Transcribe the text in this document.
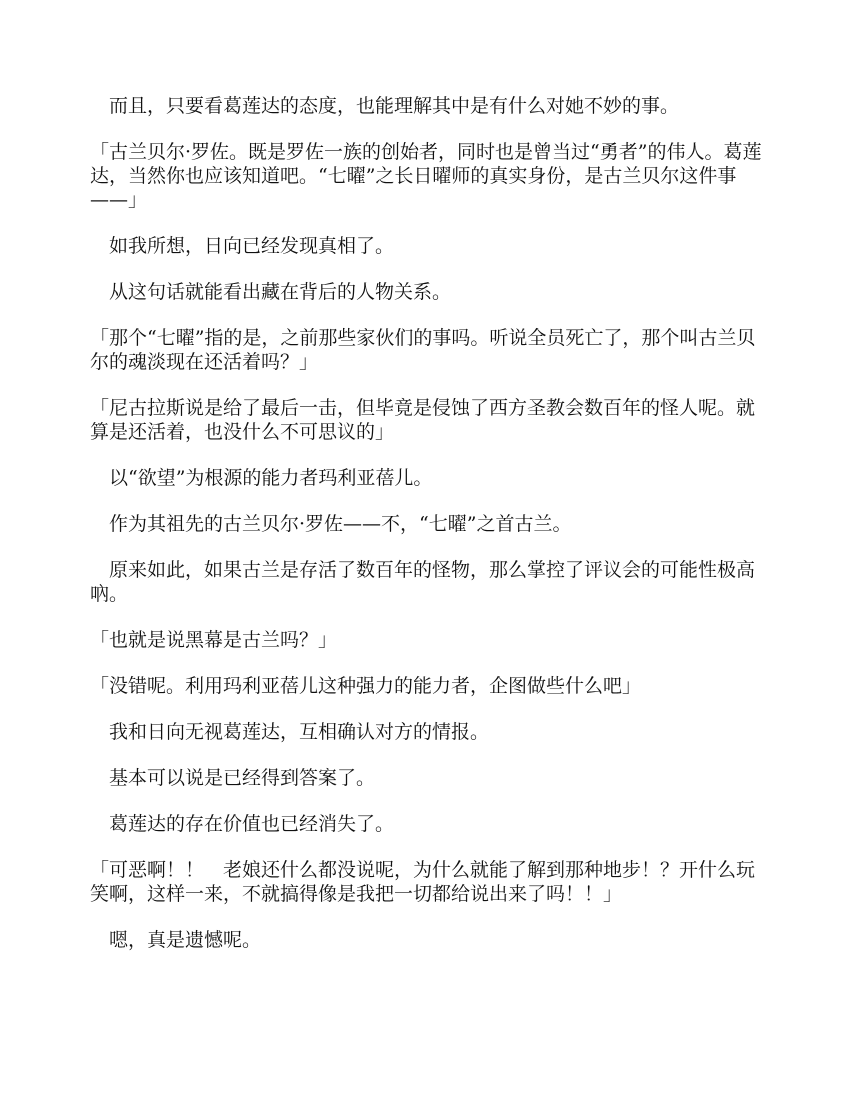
　而且，只要看葛莲达的态度，也能理解其中是有什么对她不妙的事。

「古兰贝尔·罗佐。既是罗佐一族的创始者，同时也是曾当过“勇者”的伟人。葛莲达，当然你也应该知道吧。“七曜”之长日曜师的真实身份，是古兰贝尔这件事——」

　如我所想，日向已经发现真相了。

　从这句话就能看出藏在背后的人物关系。

「那个“七曜”指的是，之前那些家伙们的事吗。听说全员死亡了，那个叫古兰贝尔的魂淡现在还活着吗？」

「尼古拉斯说是给了最后一击，但毕竟是侵蚀了西方圣教会数百年的怪人呢。就算是还活着，也没什么不可思议的」

　以“欲望”为根源的能力者玛利亚蓓儿。

　作为其祖先的古兰贝尔·罗佐——不，“七曜”之首古兰。

　原来如此，如果古兰是存活了数百年的怪物，那么掌控了评议会的可能性极高吶。

「也就是说黑幕是古兰吗？」

「没错呢。利用玛利亚蓓儿这种强力的能力者，企图做些什么吧」

　我和日向无视葛莲达，互相确认对方的情报。

　基本可以说是已经得到答案了。

　葛莲达的存在价值也已经消失了。

「可恶啊！！　老娘还什么都没说呢，为什么就能了解到那种地步！？开什么玩笑啊，这样一来，不就搞得像是我把一切都给说出来了吗！！」

　嗯，真是遗憾呢。
